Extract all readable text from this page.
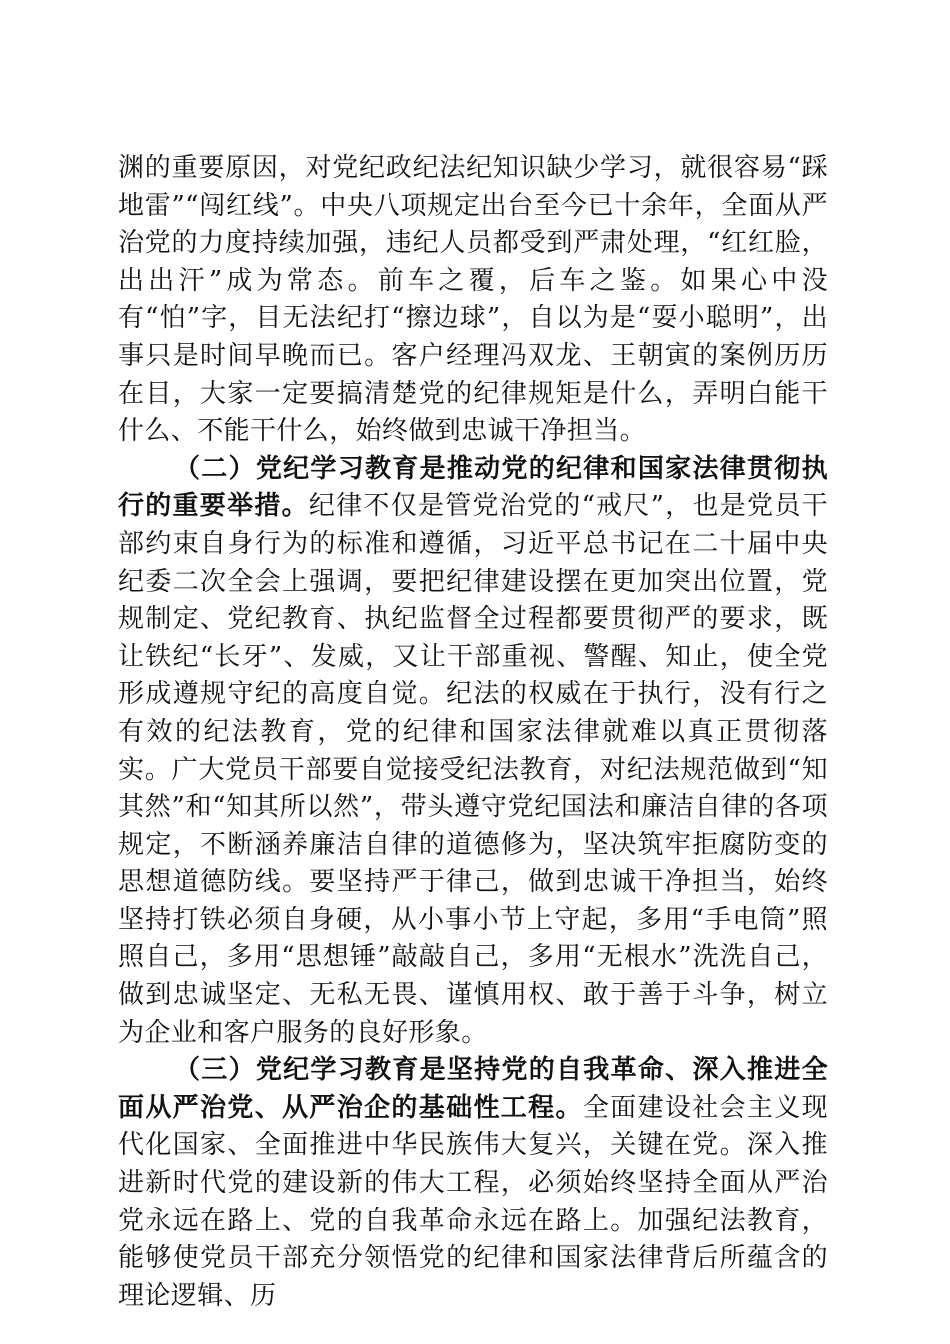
渊的重要原因，对党纪政纪法纪知识缺少学习，就很容易“踩地雷”“闯红线”。中央八项规定出台至今已十余年，全面从严治党的力度持续加强，违纪人员都受到严肃处理，“红红脸，出出汗”成为常态。前车之覆，后车之鉴。如果心中没有“怕”字，目无法纪打“擦边球”，自以为是“耍小聪明”，出事只是时间早晚而已。客户经理冯双龙、王朝寅的案例历历在目，大家一定要搞清楚党的纪律规矩是什么，弄明白能干什么、不能干什么，始终做到忠诚干净担当。

（二）党纪学习教育是推动党的纪律和国家法律贯彻执行的重要举措。纪律不仅是管党治党的“戒尺”，也是党员干部约束自身行为的标准和遵循，习近平总书记在二十届中央纪委二次全会上强调，要把纪律建设摆在更加突出位置，党规制定、党纪教育、执纪监督全过程都要贯彻严的要求，既让铁纪“长牙”、发威，又让干部重视、警醒、知止，使全党形成遵规守纪的高度自觉。纪法的权威在于执行，没有行之有效的纪法教育，党的纪律和国家法律就难以真正贯彻落实。广大党员干部要自觉接受纪法教育，对纪法规范做到“知其然”和“知其所以然”，带头遵守党纪国法和廉洁自律的各项规定，不断涵养廉洁自律的道德修为，坚决筑牢拒腐防变的思想道德防线。要坚持严于律己，做到忠诚干净担当，始终坚持打铁必须自身硬，从小事小节上守起，多用“手电筒”照照自己，多用“思想锤”敲敲自己，多用“无根水”洗洗自己，做到忠诚坚定、无私无畏、谨慎用权、敢于善于斗争，树立为企业和客户服务的良好形象。

（三）党纪学习教育是坚持党的自我革命、深入推进全面从严治党、从严治企的基础性工程。全面建设社会主义现代化国家、全面推进中华民族伟大复兴，关键在党。深入推进新时代党的建设新的伟大工程，必须始终坚持全面从严治党永远在路上、党的自我革命永远在路上。加强纪法教育，能够使党员干部充分领悟党的纪律和国家法律背后所蕴含的理论逻辑、历
